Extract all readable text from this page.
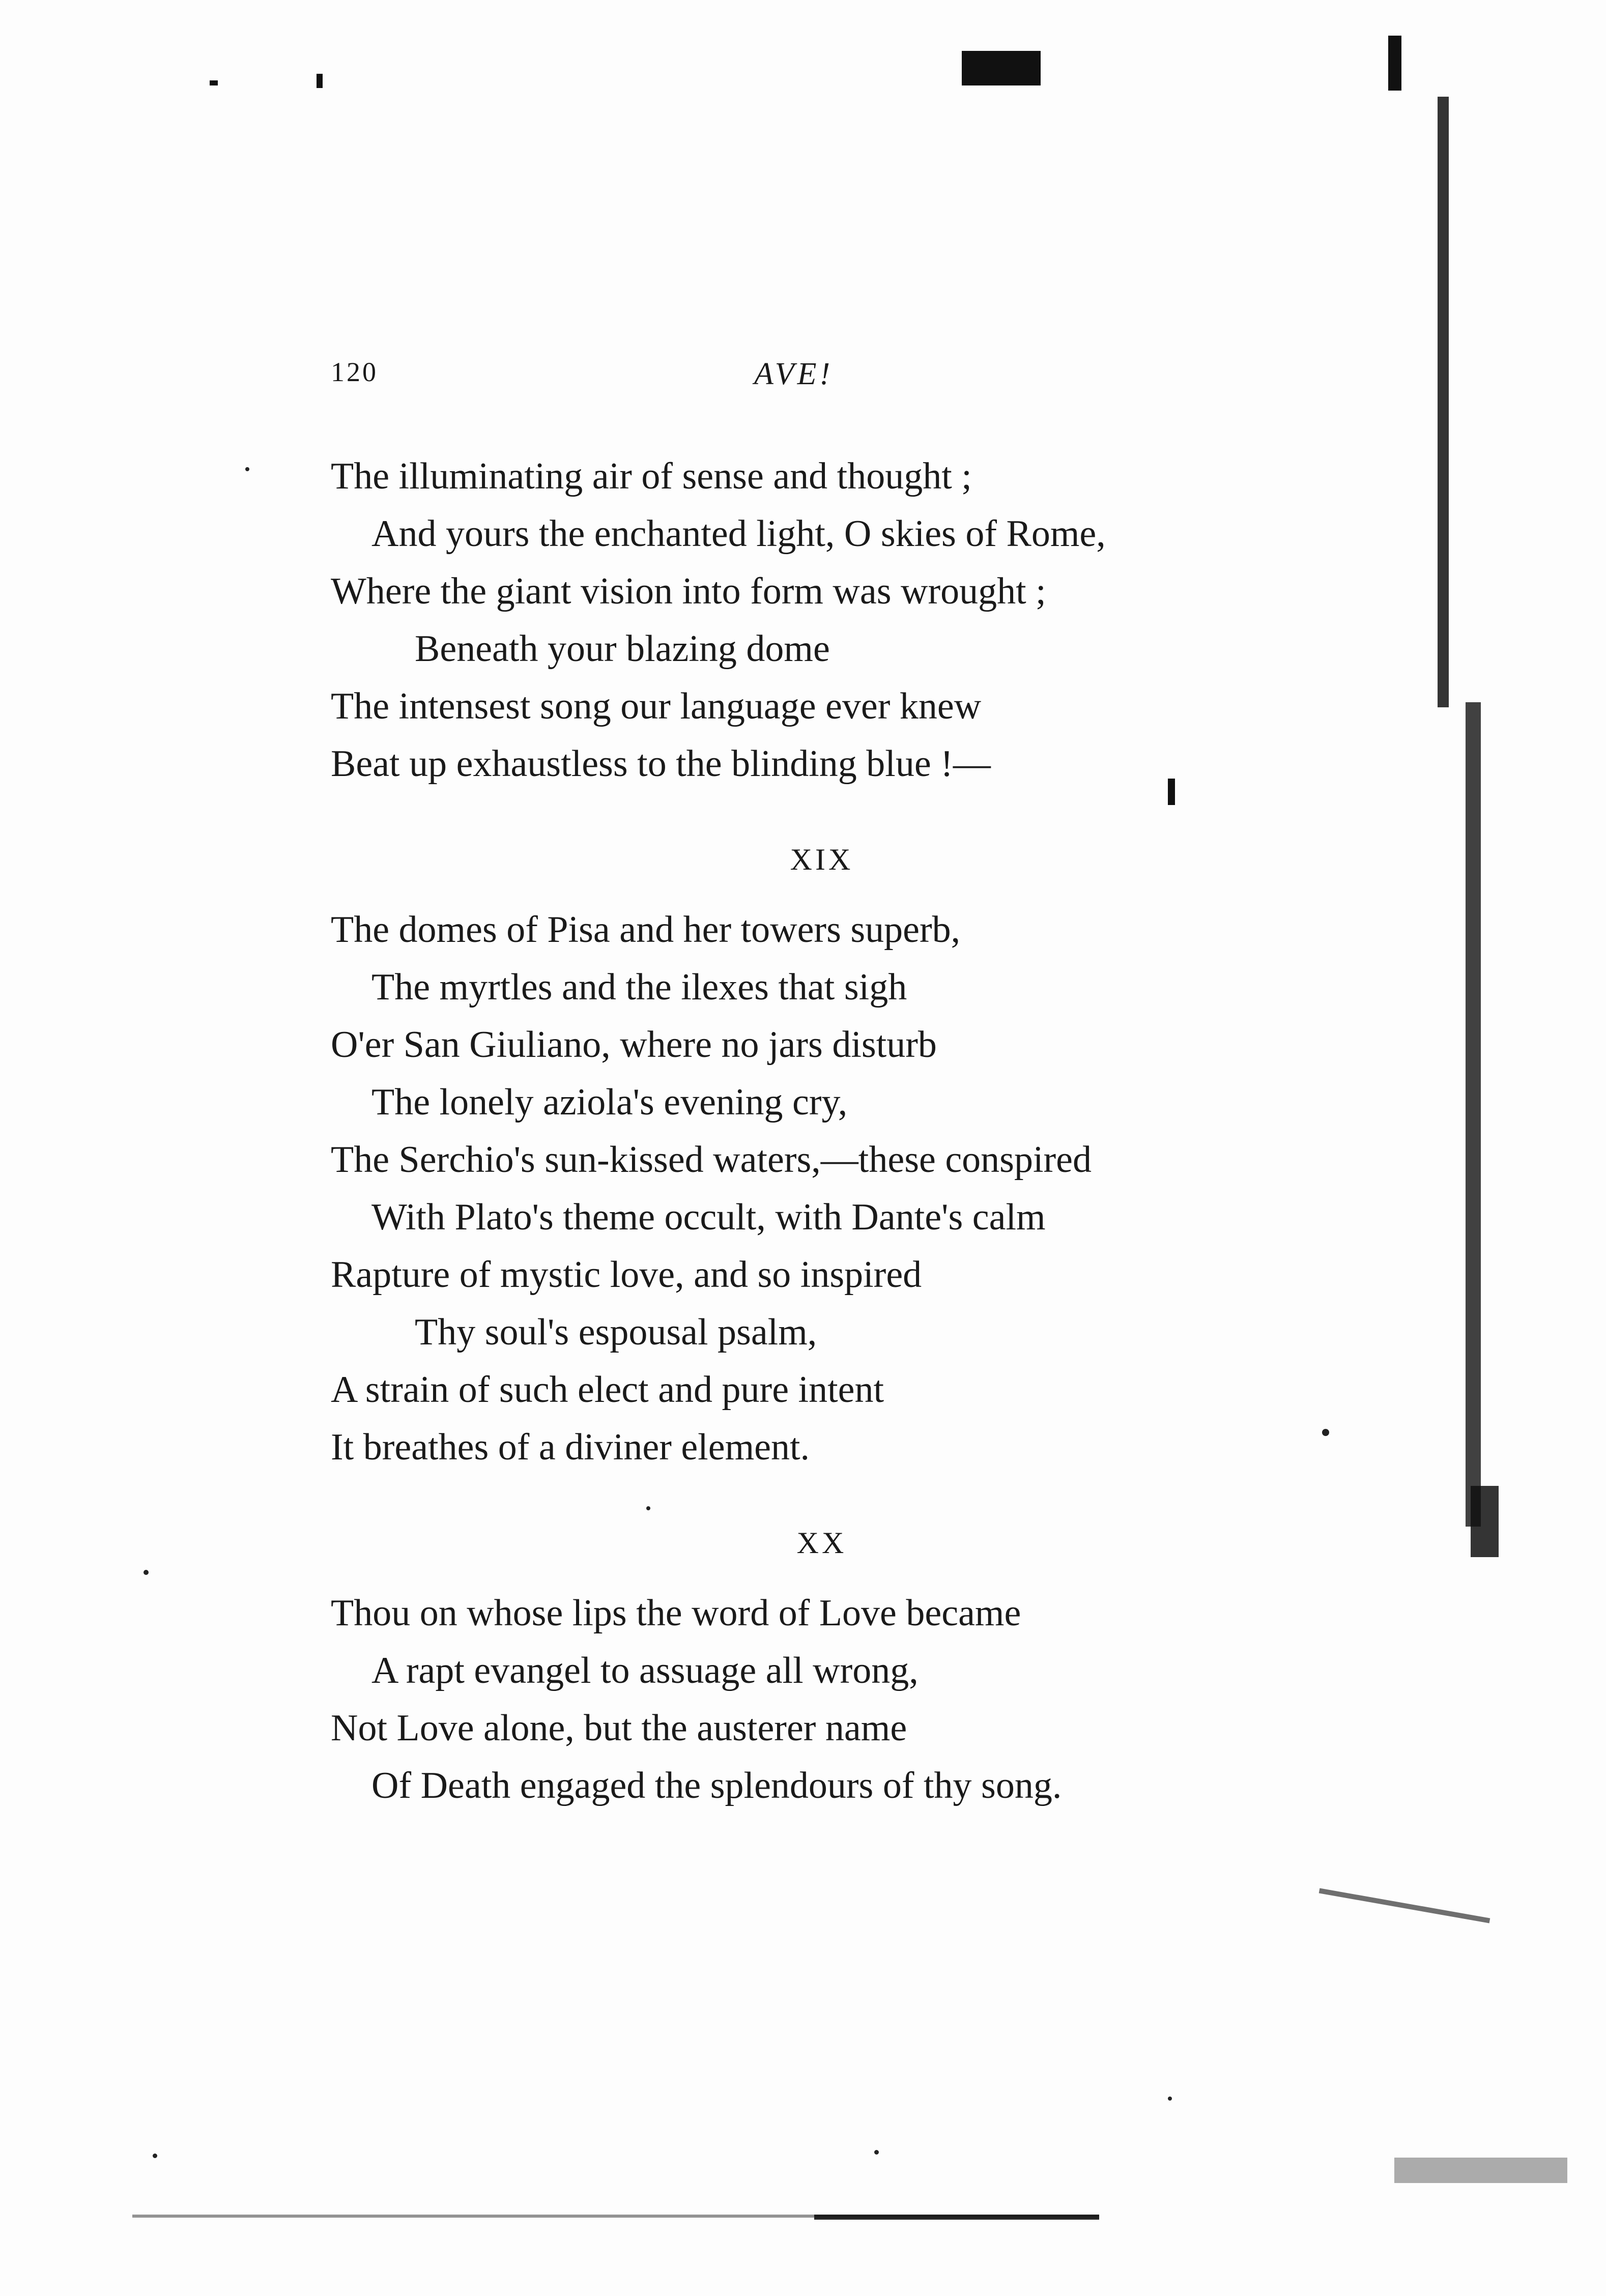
120	AVE!
The illuminating air of sense and thought ;
And yours the enchanted light, O skies of Rome,
Where the giant vision into form was wrought ;
Beneath your blazing dome
The intensest song our language ever knew
Beat up exhaustless to the blinding blue !—
XIX
The domes of Pisa and her towers superb,
The myrtles and the ilexes that sigh
O'er San Giuliano, where no jars disturb
The lonely aziola's evening cry,
The Serchio's sun-kissed waters,—these conspired
With Plato's theme occult, with Dante's calm
Rapture of mystic love, and so inspired
Thy soul's espousal psalm,
A strain of such elect and pure intent
It breathes of a diviner element.
XX
Thou on whose lips the word of Love became
A rapt evangel to assuage all wrong,
Not Love alone, but the austerer name
Of Death engaged the splendours of thy song.
